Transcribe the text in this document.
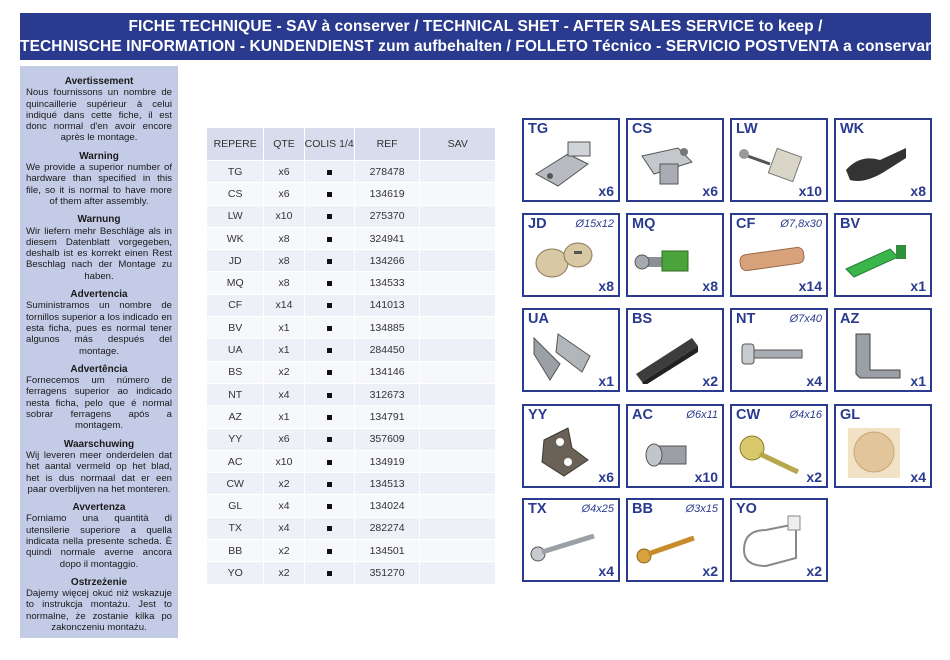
FICHE TECHNIQUE - SAV à conserver / TECHNICAL SHET - AFTER SALES SERVICE to keep /
TECHNISCHE INFORMATION - KUNDENDIENST zum aufbehalten / FOLLETO Técnico - SERVICIO POSTVENTA a conservar
Avertissement
Nous fournissons un nombre de quincaillerie supérieur à celui indiqué dans cette fiche, il est donc normal d'en avoir encore après le montage.
Warning
We provide a superior number of hardware than specified in this file, so it is normal to have more of them after assembly.
Warnung
Wir liefern mehr Beschläge als in diesem Datenblatt vorgegeben, deshalb ist es korrekt einen Rest Beschlag nach der Montage zu haben.
Advertencia
Suministramos un nombre de tornillos superior a los indicado en esta ficha, pues es normal tener algunos más después del montage.
Advertência
Fornecemos um número de ferragens superior ao indicado nesta ficha, pelo que é normal sobrar ferragens após a montagem.
Waarschuwing
Wij leveren meer onderdelen dat het aantal vermeld op het blad, het is dus normaal dat er een paar overblijven na het monteren.
Avvertenza
Forniamo una quantità di utensilerie superiore a quella indicata nella presente scheda. È quindi normale averne ancora dopo il montaggio.
Ostrzeżenie
Dajemy więcej okuć niż wskazuje to instrukcja montażu. Jest to normalne, że zostanie kilka po zakonczeniu montażu.
REPERE	QTE	COLIS 1/4	REF	SAV
TG	x6		278478	
CS	x6		134619	
LW	x10		275370	
WK	x8		324941	
JD	x8		134266	
MQ	x8		134533	
CF	x14		141013	
BV	x1		134885	
UA	x1		284450	
BS	x2		134146	
NT	x4		312673	
AZ	x1		134791	
YY	x6		357609	
AC	x10		134919	
CW	x2		134513	
GL	x4		134024	
TX	x4		282274	
BB	x2		134501	
YO	x2		351270	
TG
x6
CS
x6
LW
x10
WK
x8
JD	Ø15x12
x8
MQ
x8
CF Ø7,8x30
x14
BV
x1
UA
x1
BS
x2
NT	Ø7x40
x4
AZ
x1
YY
x6
AC	Ø6x11
x10
CW	Ø4x16
x2
GL
x4
TX	Ø4x25
x4
BB	Ø3x15
x2
YO
x2
